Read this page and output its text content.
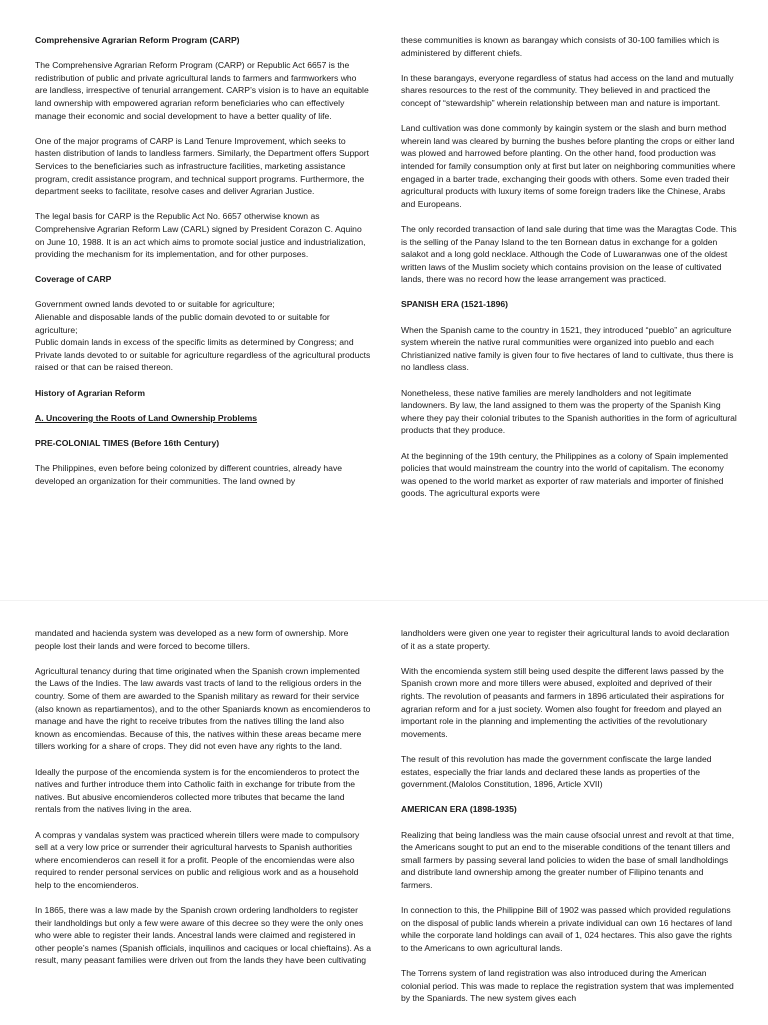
Comprehensive Agrarian Reform Program (CARP)

The Comprehensive Agrarian Reform Program (CARP) or Republic Act 6657 is the redistribution of public and private agricultural lands to farmers and farmworkers who are landless, irrespective of tenurial arrangement. CARP’s vision is to have an equitable land ownership with empowered agrarian reform beneficiaries who can effectively manage their economic and social development to have a better quality of life.

One of the major programs of CARP is Land Tenure Improvement, which seeks to hasten distribution of lands to landless farmers. Similarly, the Department offers Support Services to the beneficiaries such as infrastructure facilities, marketing assistance program, credit assistance program, and technical support programs. Furthermore, the department seeks to facilitate, resolve cases and deliver Agrarian Justice.

The legal basis for CARP is the Republic Act No. 6657 otherwise known as Comprehensive Agrarian Reform Law (CARL) signed by President Corazon C. Aquino on June 10, 1988. It is an act which aims to promote social justice and industrialization, providing the mechanism for its implementation, and for other purposes.

Coverage of CARP

Government owned lands devoted to or suitable for agriculture;
Alienable and disposable lands of the public domain devoted to or suitable for agriculture;
Public domain lands in excess of the specific limits as determined by Congress; and
Private lands devoted to or suitable for agriculture regardless of the agricultural products raised or that can be raised thereon.

History of Agrarian Reform

A. Uncovering the Roots of Land Ownership Problems

PRE-COLONIAL TIMES (Before 16th Century)

The Philippines, even before being colonized by different countries, already have developed an organization for their communities. The land owned by

these communities is known as barangay which consists of 30-100 families which is administered by different chiefs.

In these barangays, everyone regardless of status had access on the land and mutually shares resources to the rest of the community. They believed in and practiced the concept of “stewardship” wherein relationship between man and nature is important.

Land cultivation was done commonly by kaingin system or the slash and burn method wherein land was cleared by burning the bushes before planting the crops or either land was plowed and harrowed before planting. On the other hand, food production was intended for family consumption only at first but later on neighboring communities where engaged in a barter trade, exchanging their goods with others. Some even traded their agricultural products with luxury items of some foreign traders like the Chinese, Arabs and Europeans.

The only recorded transaction of land sale during that time was the Maragtas Code. This is the selling of the Panay Island to the ten Bornean datus in exchange for a golden salakot and a long gold necklace. Although the Code of Luwaranwas one of the oldest written laws of the Muslim society which contains provision on the lease of cultivated lands, there was no record how the lease arrangement was practiced.

SPANISH ERA (1521-1896)

When the Spanish came to the country in 1521, they introduced “pueblo” an agriculture system wherein the native rural communities were organized into pueblo and each Christianized native family is given four to five hectares of land to cultivate, thus there is no landless class.

Nonetheless, these native families are merely landholders and not legitimate landowners. By law, the land assigned to them was the property of the Spanish King where they pay their colonial tributes to the Spanish authorities in the form of agricultural products that they produce.

At the beginning of the 19th century, the Philippines as a colony of Spain implemented policies that would mainstream the country into the world of capitalism. The economy was opened to the world market as exporter of raw materials and importer of finished goods. The agricultural exports were

mandated and hacienda system was developed as a new form of ownership. More people lost their lands and were forced to become tillers.

Agricultural tenancy during that time originated when the Spanish crown implemented the Laws of the Indies. The law awards vast tracts of land to the religious orders in the country. Some of them are awarded to the Spanish military as reward for their service (also known as repartiamentos), and to the other Spaniards known as encomienderos to manage and have the right to receive tributes from the natives tilling the land also known as encomiendas. Because of this, the natives within these areas became mere tillers working for a share of crops. They did not even have any rights to the land.

Ideally the purpose of the encomienda system is for the encomienderos to protect the natives and further introduce them into Catholic faith in exchange for tribute from the natives. But abusive encomienderos collected more tributes that became the land rentals from the natives living in the area.

A compras y vandalas system was practiced wherein tillers were made to compulsory sell at a very low price or surrender their agricultural harvests to Spanish authorities where encomienderos can resell it for a profit. People of the encomiendas were also required to render personal services on public and religious work and as a household help to the encomienderos.

In 1865, there was a law made by the Spanish crown ordering landholders to register their landholdings but only a few were aware of this decree so they were the only ones who were able to register their lands. Ancestral lands were claimed and registered in other people’s names (Spanish officials, inquilinos and caciques or local chieftains). As a result, many peasant families were driven out from the lands they have been cultivating

landholders were given one year to register their agricultural lands to avoid declaration of it as a state property.

With the encomienda system still being used despite the different laws passed by the Spanish crown more and more tillers were abused, exploited and deprived of their rights. The revolution of peasants and farmers in 1896 articulated their aspirations for agrarian reform and for a just society. Women also fought for freedom and played an important role in the planning and implementing the activities of the revolutionary movements.

The result of this revolution has made the government confiscate the large landed estates, especially the friar lands and declared these lands as properties of the government.(Malolos Constitution, 1896, Article XVII)

AMERICAN ERA (1898-1935)

Realizing that being landless was the main cause ofsocial unrest and revolt at that time, the Americans sought to put an end to the miserable conditions of the tenant tillers and small farmers by passing several land policies to widen the base of small landholdings and distribute land ownership among the greater number of Filipino tenants and farmers.

In connection to this, the Philippine Bill of 1902 was passed which provided regulations on the disposal of public lands wherein a private individual can own 16 hectares of land while the corporate land holdings can avail of 1, 024 hectares. This also gave the rights to the Americans to own agricultural lands.

The Torrens system of land registration was also introduced during the American colonial period. This was made to replace the registration system that was implemented by the Spaniards. The new system gives each
